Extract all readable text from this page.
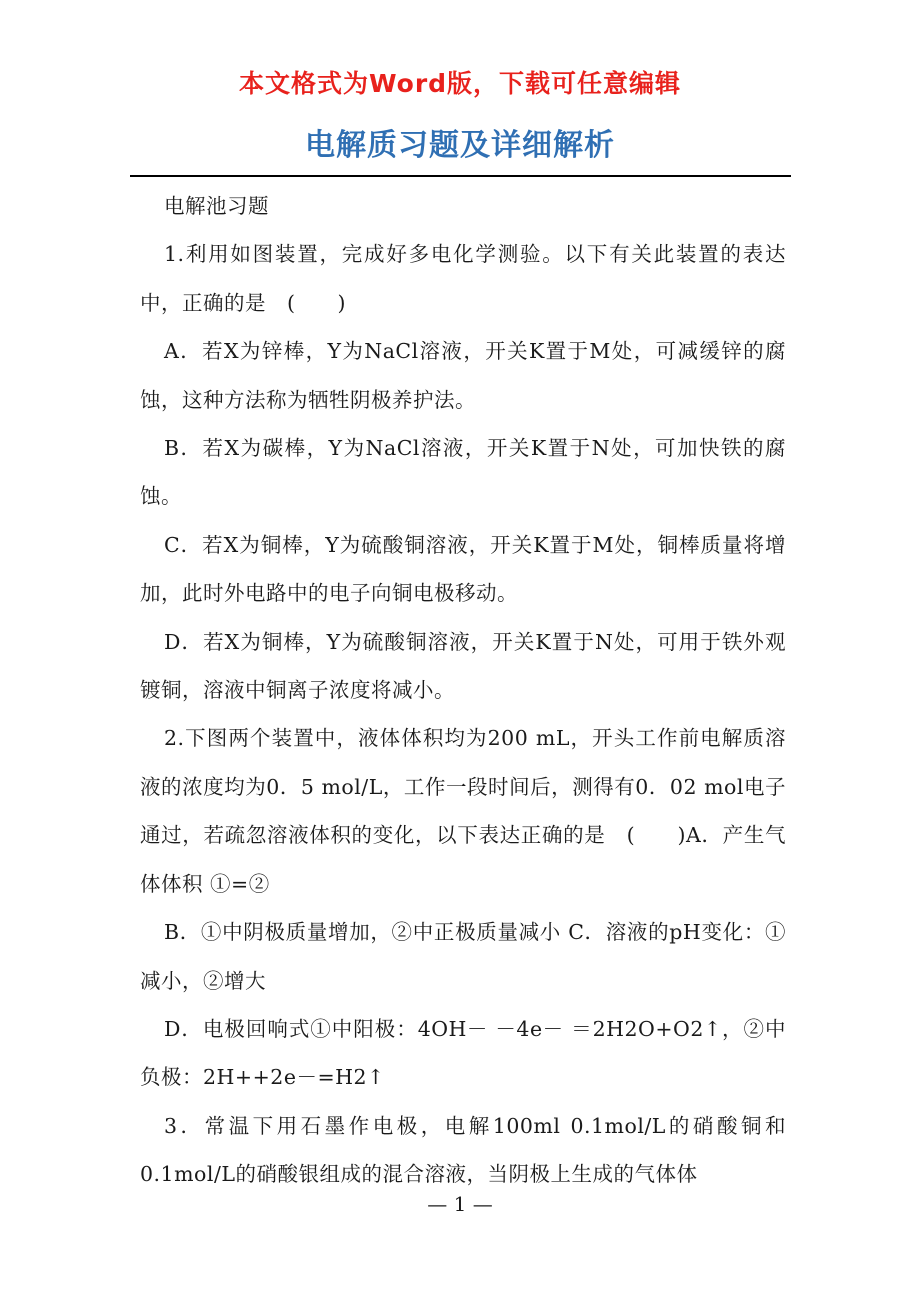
本文格式为Word版，下载可任意编辑
电解质习题及详细解析

电解池习题

1.利用如图装置，完成好多电化学测验。以下有关此装置的表达中，正确的是　(　　)

A．若X为锌棒，Y为NaCl溶液，开关K置于M处，可减缓锌的腐蚀，这种方法称为牺牲阴极养护法。

B．若X为碳棒，Y为NaCl溶液，开关K置于N处，可加快铁的腐蚀。

C．若X为铜棒，Y为硫酸铜溶液，开关K置于M处，铜棒质量将增加，此时外电路中的电子向铜电极移动。

D．若X为铜棒，Y为硫酸铜溶液，开关K置于N处，可用于铁外观镀铜，溶液中铜离子浓度将减小。

2.下图两个装置中，液体体积均为200 mL，开头工作前电解质溶液的浓度均为0．5 mol/L，工作一段时间后，测得有0．02 mol电子通过，若疏忽溶液体积的变化，以下表达正确的是　(　　)A．产生气体体积 ①=②

B．①中阴极质量增加，②中正极质量减小 C．溶液的pH变化：①减小，②增大

D．电极回响式①中阳极：4OH－ －4e－ ＝2H2O+O2↑，②中负极：2H++2e－=H2↑

3．常温下用石墨作电极，电解100ml 0.1mol/L的硝酸铜和0.1mol/L的硝酸银组成的混合溶液，当阴极上生成的气体体

— 1 —
